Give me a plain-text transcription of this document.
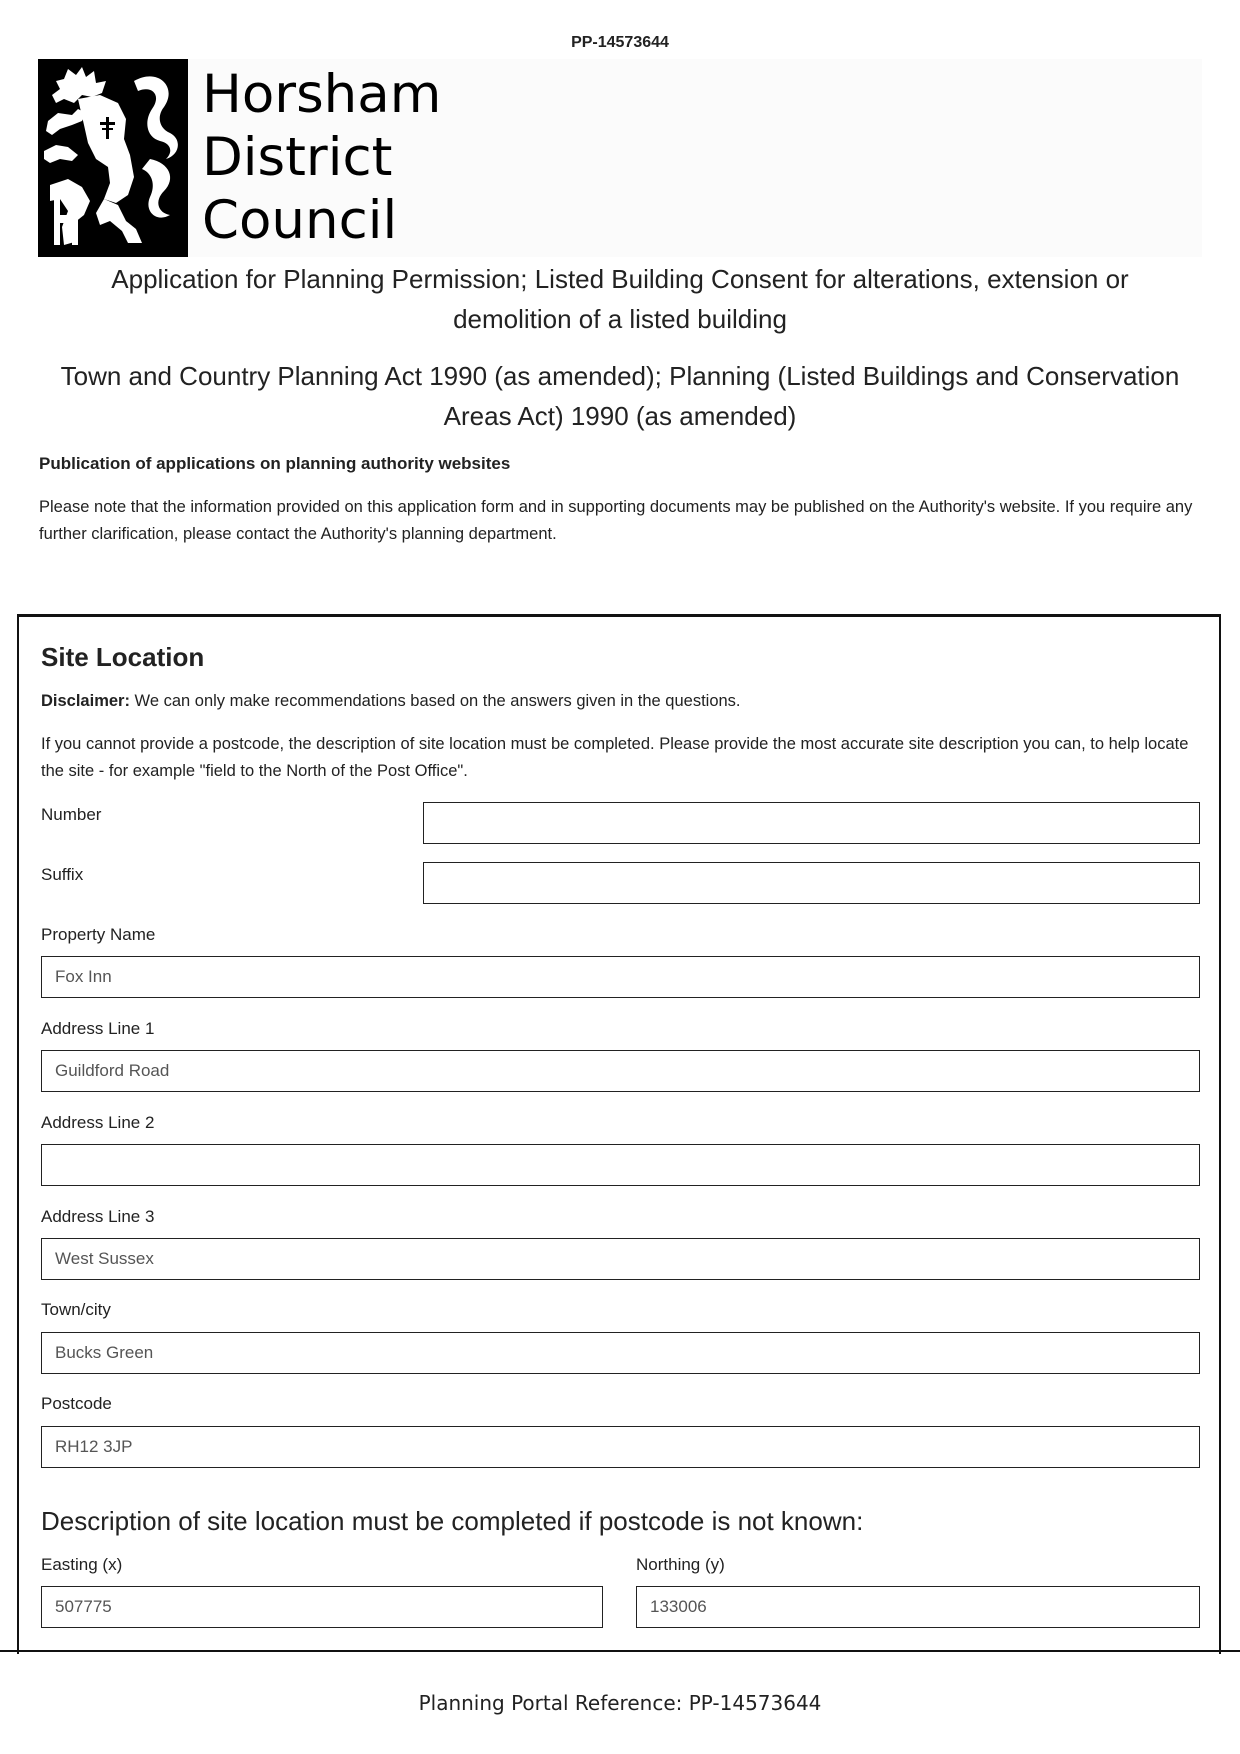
PP-14573644
Horsham
District
Council
Application for Planning Permission; Listed Building Consent for alterations, extension or demolition of a listed building
Town and Country Planning Act 1990 (as amended); Planning (Listed Buildings and Conservation Areas Act) 1990 (as amended)
Publication of applications on planning authority websites
Please note that the information provided on this application form and in supporting documents may be published on the Authority's website. If you require any further clarification, please contact the Authority's planning department.
Site Location
Disclaimer: We can only make recommendations based on the answers given in the questions.
If you cannot provide a postcode, the description of site location must be completed. Please provide the most accurate site description you can, to help locate the site - for example "field to the North of the Post Office".
Number
Suffix
Property Name
Fox Inn
Address Line 1
Guildford Road
Address Line 2
Address Line 3
West Sussex
Town/city
Bucks Green
Postcode
RH12 3JP
Description of site location must be completed if postcode is not known:
Easting (x)
507775
Northing (y)
133006
Planning Portal Reference: PP-14573644
